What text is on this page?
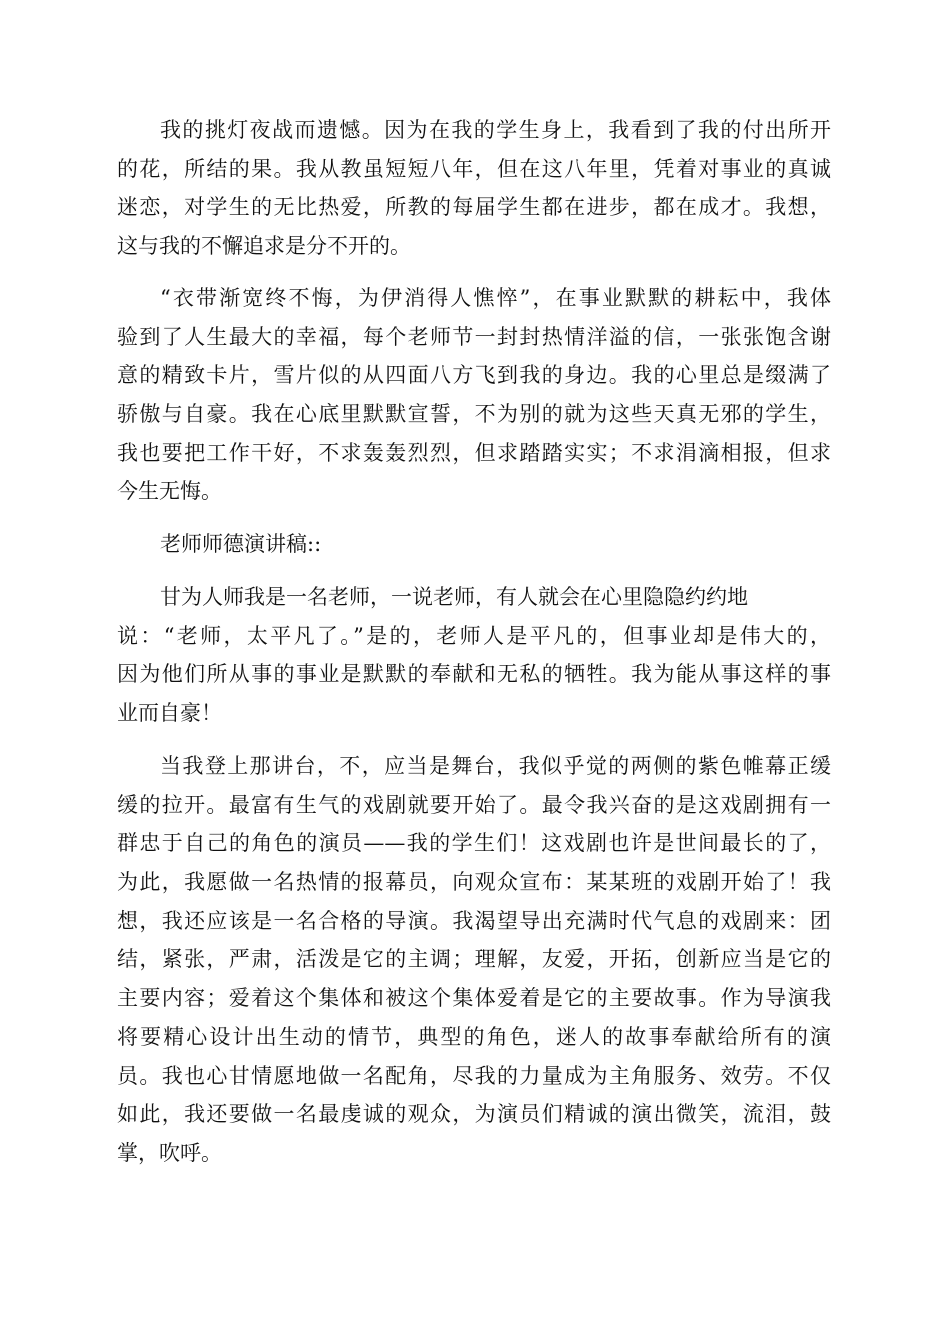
我的挑灯夜战而遗憾。因为在我的学生身上，我看到了我的付出所开
的花，所结的果。我从教虽短短八年，但在这八年里，凭着对事业的真诚
迷恋，对学生的无比热爱，所教的每届学生都在进步，都在成才。我想，
这与我的不懈追求是分不开的。
“衣带渐宽终不悔，为伊消得人憔悴”，在事业默默的耕耘中，我体
验到了人生最大的幸福，每个老师节一封封热情洋溢的信，一张张饱含谢
意的精致卡片，雪片似的从四面八方飞到我的身边。我的心里总是缀满了
骄傲与自豪。我在心底里默默宣誓，不为别的就为这些天真无邪的学生，
我也要把工作干好，不求轰轰烈烈，但求踏踏实实；不求涓滴相报，但求
今生无悔。
老师师德演讲稿::
甘为人师我是一名老师，一说老师，有人就会在心里隐隐约约地
说：“老师，太平凡了。”是的，老师人是平凡的，但事业却是伟大的，
因为他们所从事的事业是默默的奉献和无私的牺牲。我为能从事这样的事
业而自豪！
当我登上那讲台，不，应当是舞台，我似乎觉的两侧的紫色帷幕正缓
缓的拉开。最富有生气的戏剧就要开始了。最令我兴奋的是这戏剧拥有一
群忠于自己的角色的演员——我的学生们！这戏剧也许是世间最长的了，
为此，我愿做一名热情的报幕员，向观众宣布：某某班的戏剧开始了！我
想，我还应该是一名合格的导演。我渴望导出充满时代气息的戏剧来：团
结，紧张，严肃，活泼是它的主调；理解，友爱，开拓，创新应当是它的
主要内容；爱着这个集体和被这个集体爱着是它的主要故事。作为导演我
将要精心设计出生动的情节，典型的角色，迷人的故事奉献给所有的演
员。我也心甘情愿地做一名配角，尽我的力量成为主角服务、效劳。不仅
如此，我还要做一名最虔诚的观众，为演员们精诚的演出微笑，流泪，鼓
掌，吹呼。
